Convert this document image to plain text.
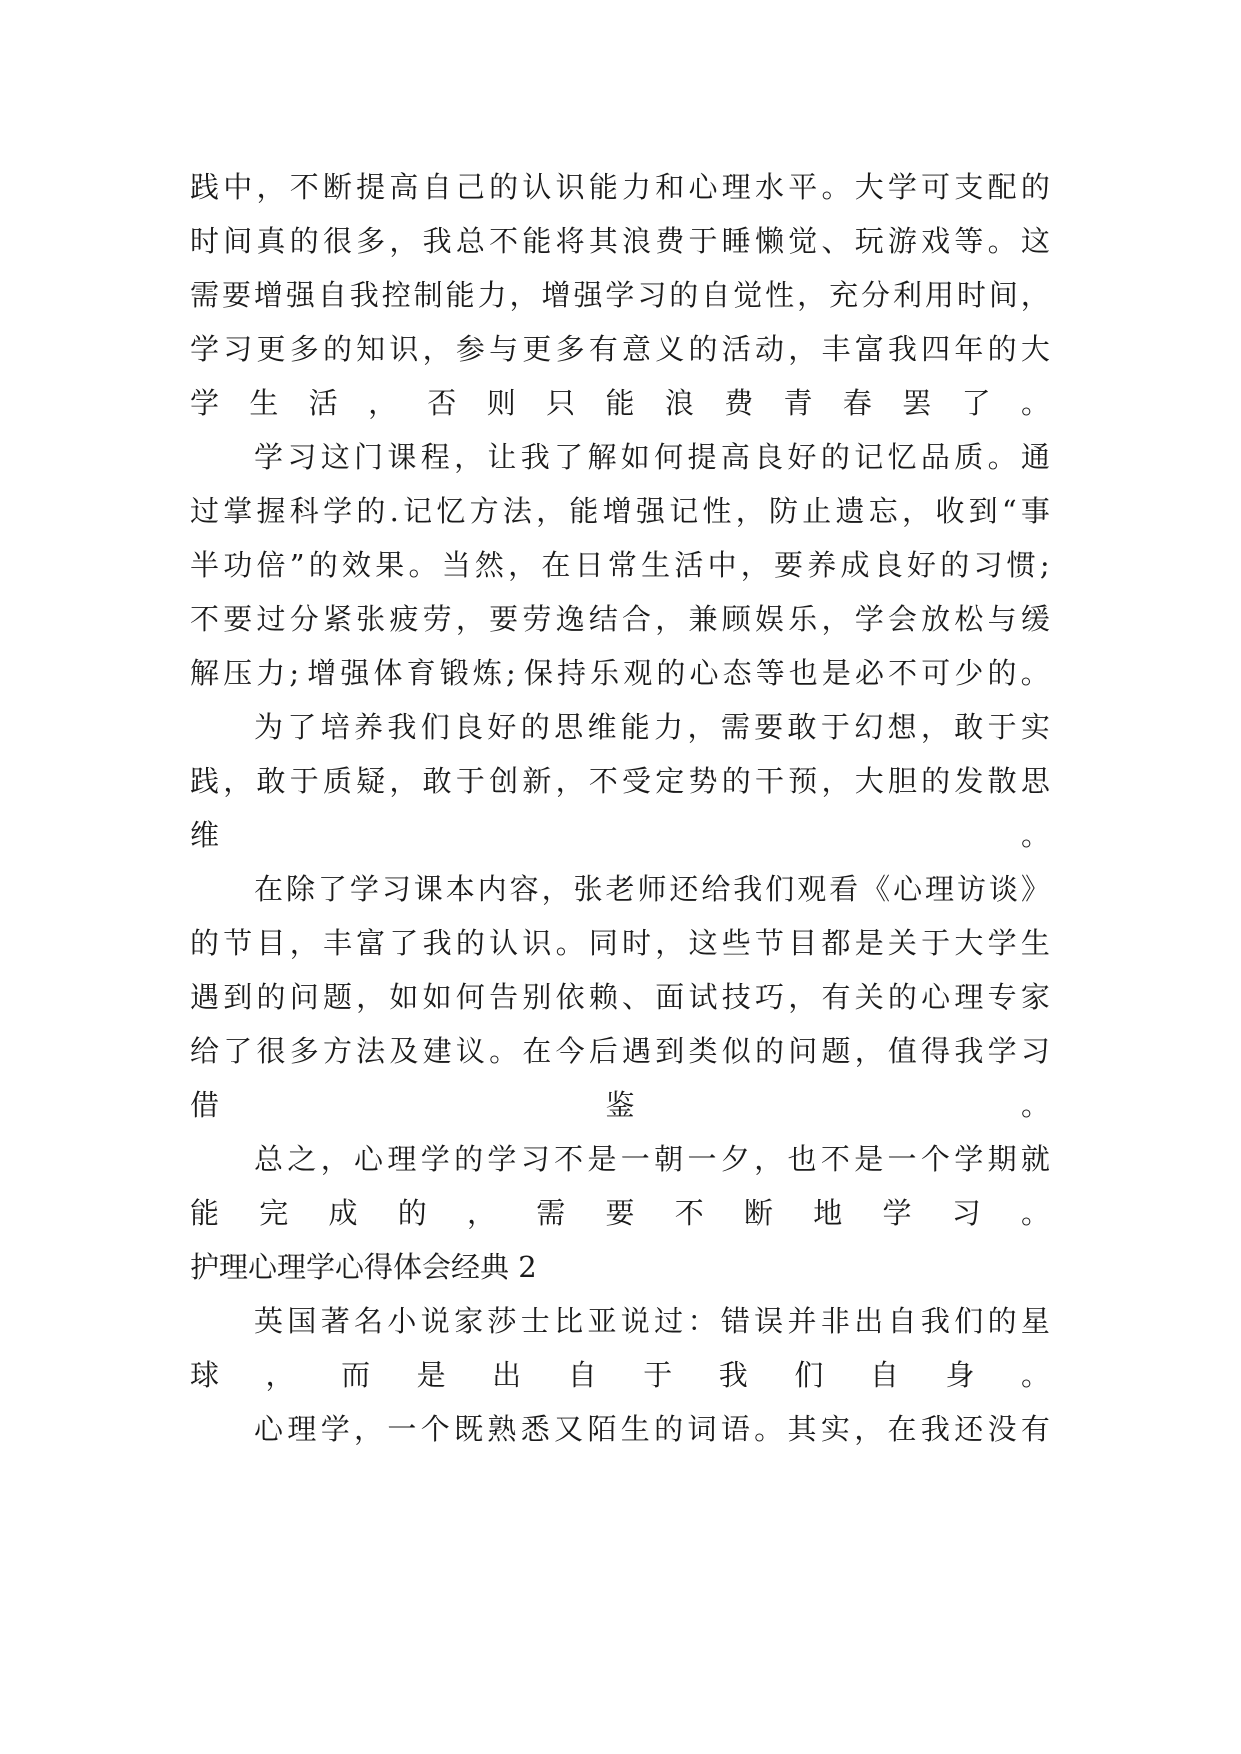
践 中 ， 不 断 提 高 自 己 的 认 识 能 力 和 心 理 水 平 。 大 学 可 支 配 的
时 间 真 的 很 多 ， 我 总 不 能 将 其 浪 费 于 睡 懒 觉 、 玩 游 戏 等 。 这
需 要 增 强 自 我 控 制 能 力 ， 增 强 学 习 的 自 觉 性 ， 充 分 利 用 时 间 ，
学 习 更 多 的 知 识 ， 参 与 更 多 有 意 义 的 活 动 ， 丰 富 我 四 年 的 大
学生活，否则只能浪费青春罢了。
学 习 这 门 课 程 ， 让 我 了 解 如 何 提 高 良 好 的 记 忆 品 质 。 通
过 掌 握 科 学 的 . 记 忆 方 法 ， 能 增 强 记 性 ， 防 止 遗 忘 ， 收 到 “ 事
半 功 倍 ” 的 效 果 。 当 然 ， 在 日 常 生 活 中 ， 要 养 成 良 好 的 习 惯 ;
不 要 过 分 紧 张 疲 劳 ， 要 劳 逸 结 合 ， 兼 顾 娱 乐 ， 学 会 放 松 与 缓
解 压 力 ; 增 强 体 育 锻 炼 ; 保 持 乐 观 的 心 态 等 也 是 必 不 可 少 的 。
为 了 培 养 我 们 良 好 的 思 维 能 力 ， 需 要 敢 于 幻 想 ， 敢 于 实
践 ， 敢 于 质 疑 ， 敢 于 创 新 ， 不 受 定 势 的 干 预 ， 大 胆 的 发 散 思
维。
在 除 了 学 习 课 本 内 容 ， 张 老 师 还 给 我 们 观 看 《 心 理 访 谈 》
的 节 目 ， 丰 富 了 我 的 认 识 。 同 时 ， 这 些 节 目 都 是 关 于 大 学 生
遇 到 的 问 题 ， 如 如 何 告 别 依 赖 、 面 试 技 巧 ， 有 关 的 心 理 专 家
给 了 很 多 方 法 及 建 议 。 在 今 后 遇 到 类 似 的 问 题 ， 值 得 我 学 习
借鉴。
总 之 ， 心 理 学 的 学 习 不 是 一 朝 一 夕 ， 也 不 是 一 个 学 期 就
能完成的，需要不断地学习。
护理心理学心得体会经典 2
英 国 著 名 小 说 家 莎 士 比 亚 说 过 ： 错 误 并 非 出 自 我 们 的 星
球，而是出自于我们自身。
心 理 学 ， 一 个 既 熟 悉 又 陌 生 的 词 语 。 其 实 ， 在 我 还 没 有
